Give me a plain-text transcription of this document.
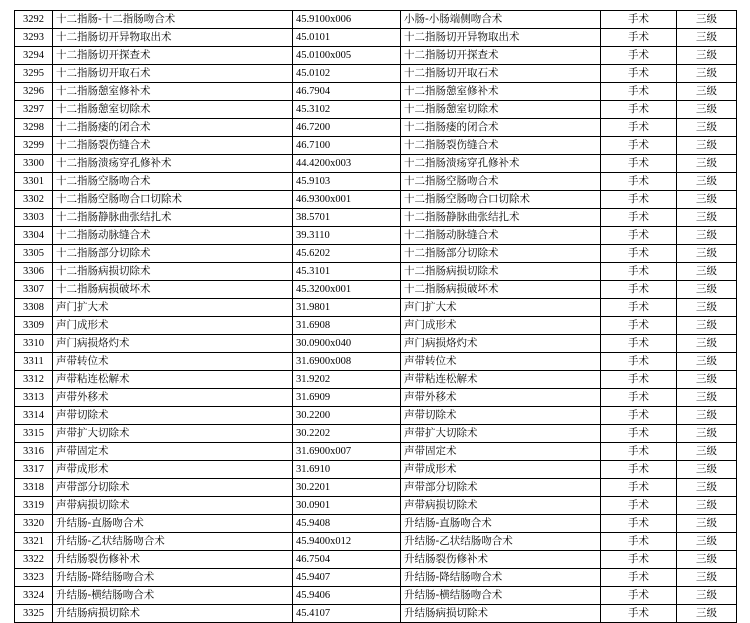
3292	十二指肠-十二指肠吻合术	45.9100x006	小肠-小肠端侧吻合术	手术	三级
3293	十二指肠切开异物取出术	45.0101	十二指肠切开异物取出术	手术	三级
3294	十二指肠切开探查术	45.0100x005	十二指肠切开探查术	手术	三级
3295	十二指肠切开取石术	45.0102	十二指肠切开取石术	手术	三级
3296	十二指肠憩室修补术	46.7904	十二指肠憩室修补术	手术	三级
3297	十二指肠憩室切除术	45.3102	十二指肠憩室切除术	手术	三级
3298	十二指肠瘘的闭合术	46.7200	十二指肠瘘的闭合术	手术	三级
3299	十二指肠裂伤缝合术	46.7100	十二指肠裂伤缝合术	手术	三级
3300	十二指肠溃疡穿孔修补术	44.4200x003	十二指肠溃疡穿孔修补术	手术	三级
3301	十二指肠空肠吻合术	45.9103	十二指肠空肠吻合术	手术	三级
3302	十二指肠空肠吻合口切除术	46.9300x001	十二指肠空肠吻合口切除术	手术	三级
3303	十二指肠静脉曲张结扎术	38.5701	十二指肠静脉曲张结扎术	手术	三级
3304	十二指肠动脉缝合术	39.3110	十二指肠动脉缝合术	手术	三级
3305	十二指肠部分切除术	45.6202	十二指肠部分切除术	手术	三级
3306	十二指肠病损切除术	45.3101	十二指肠病损切除术	手术	三级
3307	十二指肠病损破坏术	45.3200x001	十二指肠病损破坏术	手术	三级
3308	声门扩大术	31.9801	声门扩大术	手术	三级
3309	声门成形术	31.6908	声门成形术	手术	三级
3310	声门病损烙灼术	30.0900x040	声门病损烙灼术	手术	三级
3311	声带转位术	31.6900x008	声带转位术	手术	三级
3312	声带粘连松解术	31.9202	声带粘连松解术	手术	三级
3313	声带外移术	31.6909	声带外移术	手术	三级
3314	声带切除术	30.2200	声带切除术	手术	三级
3315	声带扩大切除术	30.2202	声带扩大切除术	手术	三级
3316	声带固定术	31.6900x007	声带固定术	手术	三级
3317	声带成形术	31.6910	声带成形术	手术	三级
3318	声带部分切除术	30.2201	声带部分切除术	手术	三级
3319	声带病损切除术	30.0901	声带病损切除术	手术	三级
3320	升结肠-直肠吻合术	45.9408	升结肠-直肠吻合术	手术	三级
3321	升结肠-乙状结肠吻合术	45.9400x012	升结肠-乙状结肠吻合术	手术	三级
3322	升结肠裂伤修补术	46.7504	升结肠裂伤修补术	手术	三级
3323	升结肠-降结肠吻合术	45.9407	升结肠-降结肠吻合术	手术	三级
3324	升结肠-横结肠吻合术	45.9406	升结肠-横结肠吻合术	手术	三级
3325	升结肠病损切除术	45.4107	升结肠病损切除术	手术	三级
